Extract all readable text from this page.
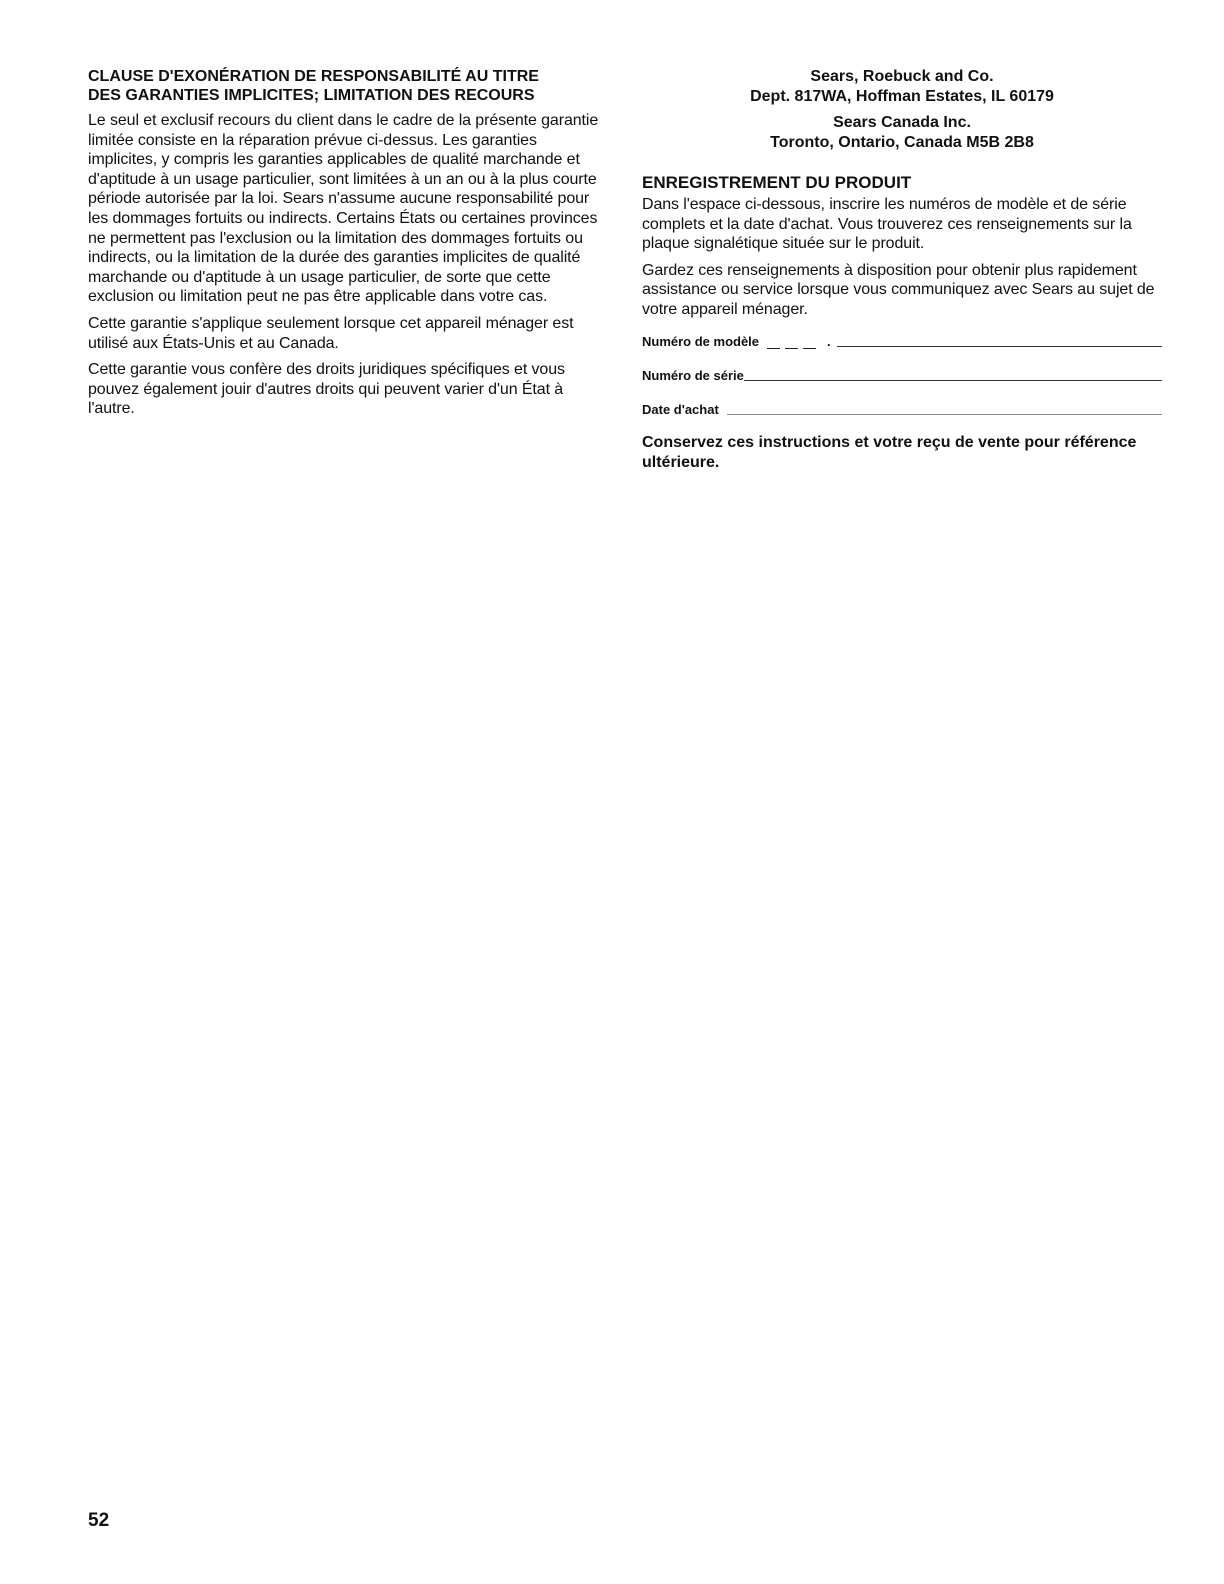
CLAUSE D'EXONÉRATION DE RESPONSABILITÉ AU TITRE
DES GARANTIES IMPLICITES; LIMITATION DES RECOURS

Le seul et exclusif recours du client dans le cadre de la présente garantie limitée consiste en la réparation prévue ci-dessus. Les garanties implicites, y compris les garanties applicables de qualité marchande et d'aptitude à un usage particulier, sont limitées à un an ou à la plus courte période autorisée par la loi. Sears n'assume aucune responsabilité pour les dommages fortuits ou indirects. Certains États ou certaines provinces ne permettent pas l'exclusion ou la limitation des dommages fortuits ou indirects, ou la limitation de la durée des garanties implicites de qualité marchande ou d'aptitude à un usage particulier, de sorte que cette exclusion ou limitation peut ne pas être applicable dans votre cas.

Cette garantie s'applique seulement lorsque cet appareil ménager est utilisé aux États-Unis et au Canada.

Cette garantie vous confère des droits juridiques spécifiques et vous pouvez également jouir d'autres droits qui peuvent varier d'un État à l'autre.

Sears, Roebuck and Co.

Dept. 817WA, Hoffman Estates, IL 60179

Sears Canada Inc.

Toronto, Ontario, Canada M5B 2B8

ENREGISTREMENT DU PRODUIT

Dans l'espace ci-dessous, inscrire les numéros de modèle et de série complets et la date d'achat. Vous trouverez ces renseignements sur la plaque signalétique située sur le produit.

Gardez ces renseignements à disposition pour obtenir plus rapidement assistance ou service lorsque vous communiquez avec Sears au sujet de votre appareil ménager.

Numéro de modèle	.
Numéro de série
Date d'achat

Conservez ces instructions et votre reçu de vente pour référence ultérieure.

52
